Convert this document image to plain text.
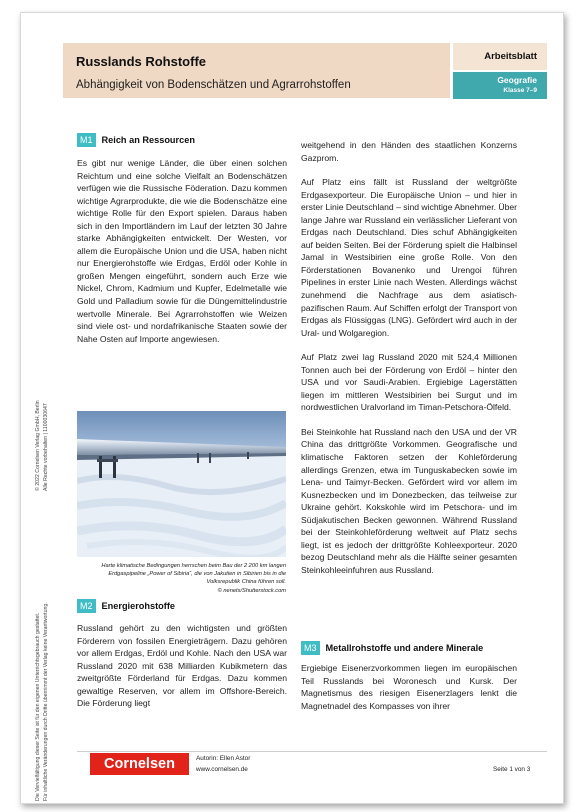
© 2022 Cornelsen Verlag GmbH, Berlin Alle Rechte vorbehalten | 1100030647
Die Vervielfältigung dieser Seite ist für den eigenen Unterrichtsgebrauch gestattet. Für inhaltliche Veränderungen durch Dritte übernimmt der Verlag keine Verantwortung.
Russlands Rohstoffe
Abhängigkeit von Bodenschätzen und Agrarrohstoffen
Arbeitsblatt
Geografie
Klasse 7–9
M1 Reich an Ressourcen

Es gibt nur wenige Länder, die über einen solchen Reichtum und eine solche Vielfalt an Bodenschätzen verfügen wie die Russische Föderation. Dazu kommen wichtige Agrarprodukte, die wie die Bodenschätze eine wichtige Rolle für den Export spielen. Daraus haben sich in den Importländern im Lauf der letzten 30 Jahre starke Abhängigkeiten entwickelt. Der Westen, vor allem die Europäische Union und die USA, haben nicht nur Energierohstoffe wie Erdgas, Erdöl oder Kohle in großen Mengen eingeführt, sondern auch Erze wie Nickel, Chrom, Kadmium und Kupfer, Edelmetalle wie Gold und Palladium sowie für die Düngemittelindustrie wertvolle Minerale. Bei Agrarrohstoffen wie Weizen sind viele ost- und nordafrikanische Staaten sowie der Nahe Osten auf Importe angewiesen.

Harte klimatische Bedingungen herrschen beim Bau der 2 200 km langen Erdgaspipeline „Power of Sibiria“, die von Jakutien in Sibirien bis in die Volksrepublik China führen soll.
© nenets/Shutterstock.com
M2 Energierohstoffe

Russland gehört zu den wichtigsten und größten Förderern von fossilen Energieträgern. Dazu gehören vor allem Erdgas, Erdöl und Kohle. Nach den USA war Russland 2020 mit 638 Milliarden Kubikmetern das zweitgrößte Förderland für Erdgas. Dazu kommen gewaltige Reserven, vor allem im Offshore-Bereich. Die Förderung liegt

weitgehend in den Händen des staatlichen Konzerns Gazprom.

Auf Platz eins fällt ist Russland der weltgrößte Erdgasexporteur. Die Europäische Union – und hier in erster Linie Deutschland – sind wichtige Abnehmer. Über lange Jahre war Russland ein verlässlicher Lieferant von Erdgas nach Deutschland. Dies schuf Abhängigkeiten auf beiden Seiten. Bei der Förderung spielt die Halbinsel Jamal in Westsibirien eine große Rolle. Von den Förderstationen Bovanenko und Urengoi führen Pipelines in erster Linie nach Westen. Allerdings wächst zunehmend die Nachfrage aus dem asiatisch-pazifischen Raum. Auf Schiffen erfolgt der Transport von Erdgas als Flüssiggas (LNG). Gefördert wird auch in der Ural- und Wolgaregion.

Auf Platz zwei lag Russland 2020 mit 524,4 Millionen Tonnen auch bei der Förderung von Erdöl – hinter den USA und vor Saudi-Arabien. Ergiebige Lagerstätten liegen im mittleren Westsibirien bei Surgut und im nordwestlichen Uralvorland im Timan-Petschora-Ölfeld.

Bei Steinkohle hat Russland nach den USA und der VR China das drittgrößte Vorkommen. Geografische und klimatische Faktoren setzen der Kohleförderung allerdings Grenzen, etwa im Tunguskabecken sowie im Lena- und Taimyr-Becken. Gefördert wird vor allem im Kusnezbecken und im Donezbecken, das teilweise zur Ukraine gehört. Kokskohle wird im Petschora- und im Südjakutischen Becken gewonnen. Während Russland bei der Steinkohleförderung weltweit auf Platz sechs liegt, ist es jedoch der drittgrößte Kohleexporteur. 2020 bezog Deutschland mehr als die Hälfte seiner gesamten Steinkohleeinfuhren aus Russland.

M3 Metallrohstoffe und andere Minerale

Ergiebige Eisenerzvorkommen liegen im europäischen Teil Russlands bei Woronesch und Kursk. Der Magnetismus des riesigen Eisenerzlagers lenkt die Magnetnadel des Kompasses von ihrer

Cornelsen	Autorin: Ellen Astor
www.cornelsen.de	Seite 1 von 3
